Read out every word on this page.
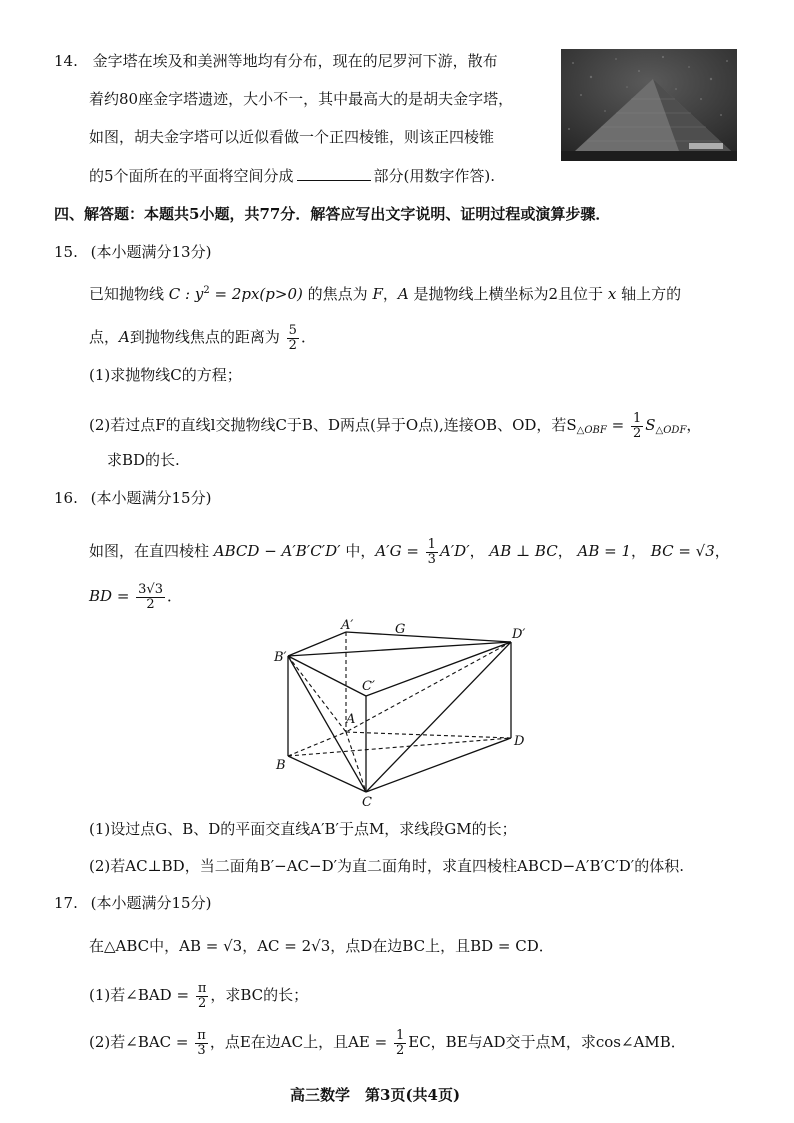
14. 金字塔在埃及和美洲等地均有分布，现在的尼罗河下游，散布
着约80座金字塔遗迹，大小不一，其中最高大的是胡夫金字塔，
如图，胡夫金字塔可以近似看做一个正四棱锥，则该正四棱锥
的5个面所在的平面将空间分成	部分(用数字作答).
四、解答题：本题共5小题，共77分．解答应写出文字说明、证明过程或演算步骤．
15. (本小题满分13分)
已知抛物线 C : $y^2 = 2px(p>0)$ 的焦点为 F，A 是抛物线上横坐标为2且位于 x 轴上方的
点，A到抛物线焦点的距离为 $\frac{5}{2}$ ．
(1)求抛物线C的方程；
(2)若过点F的直线l交抛物线C于B、D两点(异于O点),连接OB、OD，若$S_{\triangle OBF} = \frac{1}{2} S_{\triangle ODF}$，
求BD的长.
16. (本小题满分15分)
如图，在直四棱柱 ABCD − A′B′C′D′ 中，$A'G = \frac{1}{3} A'D'$， AB ⊥ BC， AB = 1， BC = √3，
BD = $\frac{3√3}{2}$ ．
A′	G	D′
B′
C′
A
D
B
C
(1)设过点G、B、D的平面交直线A′B′于点M，求线段GM的长；
(2)若AC⊥BD，当二面角B′−AC−D′为直二面角时，求直四棱柱ABCD−A′B′C′D′的体积.
17. (本小题满分15分)
在△ABC中，AB = √3，AC = 2√3，点D在边BC上，且BD = CD．
(1)若∠BAD = $\frac{\pi}{2}$ ，求BC的长；
(2)若∠BAC = $\frac{\pi}{3}$ ，点E在边AC上，且AE = $\frac{1}{2}$ EC，BE与AD交于点M，求cos∠AMB．
高三数学　第3页(共4页)
